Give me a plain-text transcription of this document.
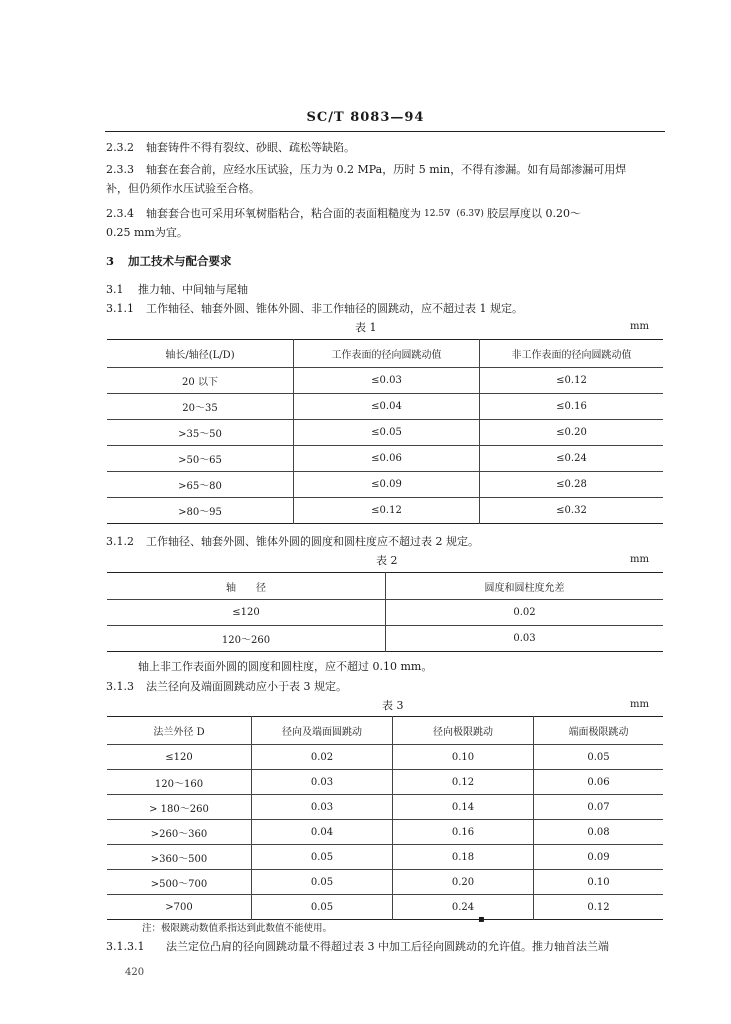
SC/T 8083—94
2.3.2 轴套铸件不得有裂纹、砂眼、疏松等缺陷。
2.3.3 轴套在套合前，应经水压试验，压力为 0.2 MPa，历时 5 min，不得有渗漏。如有局部渗漏可用焊
补，但仍须作水压试验至合格。
2.3.4 轴套套合也可采用环氧树脂粘合，粘合面的表面粗糙度为 12.5∇ (6.3∇) 胶层厚度以 0.20～
0.25 mm为宜。
3 加工技术与配合要求
3.1 推力轴、中间轴与尾轴
3.1.1 工作轴径、轴套外圆、锥体外圆、非工作轴径的圆跳动，应不超过表 1 规定。
表 1	mm
轴长/轴径(L/D)	工作表面的径向圆跳动值	非工作表面的径向圆跳动值
20 以下	≤0.03	≤0.12
20～35	≤0.04	≤0.16
>35～50	≤0.05	≤0.20
>50～65	≤0.06	≤0.24
>65～80	≤0.09	≤0.28
>80～95	≤0.12	≤0.32
3.1.2 工作轴径、轴套外圆、锥体外圆的圆度和圆柱度应不超过表 2 规定。
表 2	mm
轴　　径	圆度和圆柱度允差
≤120	0.02
120～260	0.03
轴上非工作表面外圆的圆度和圆柱度，应不超过 0.10 mm。
3.1.3 法兰径向及端面圆跳动应小于表 3 规定。
表 3	mm
法兰外径 D	径向及端面圆跳动	径向极限跳动	端面极限跳动
≤120	0.02	0.10	0.05
120～160	0.03	0.12	0.06
> 180～260	0.03	0.14	0.07
>260～360	0.04	0.16	0.08
>360～500	0.05	0.18	0.09
>500～700	0.05	0.20	0.10
>700	0.05	0.24	0.12
注：极限跳动数值系指达到此数值不能使用。
▪
3.1.3.1 法兰定位凸肩的径向圆跳动量不得超过表 3 中加工后径向圆跳动的允许值。推力轴首法兰端
420
